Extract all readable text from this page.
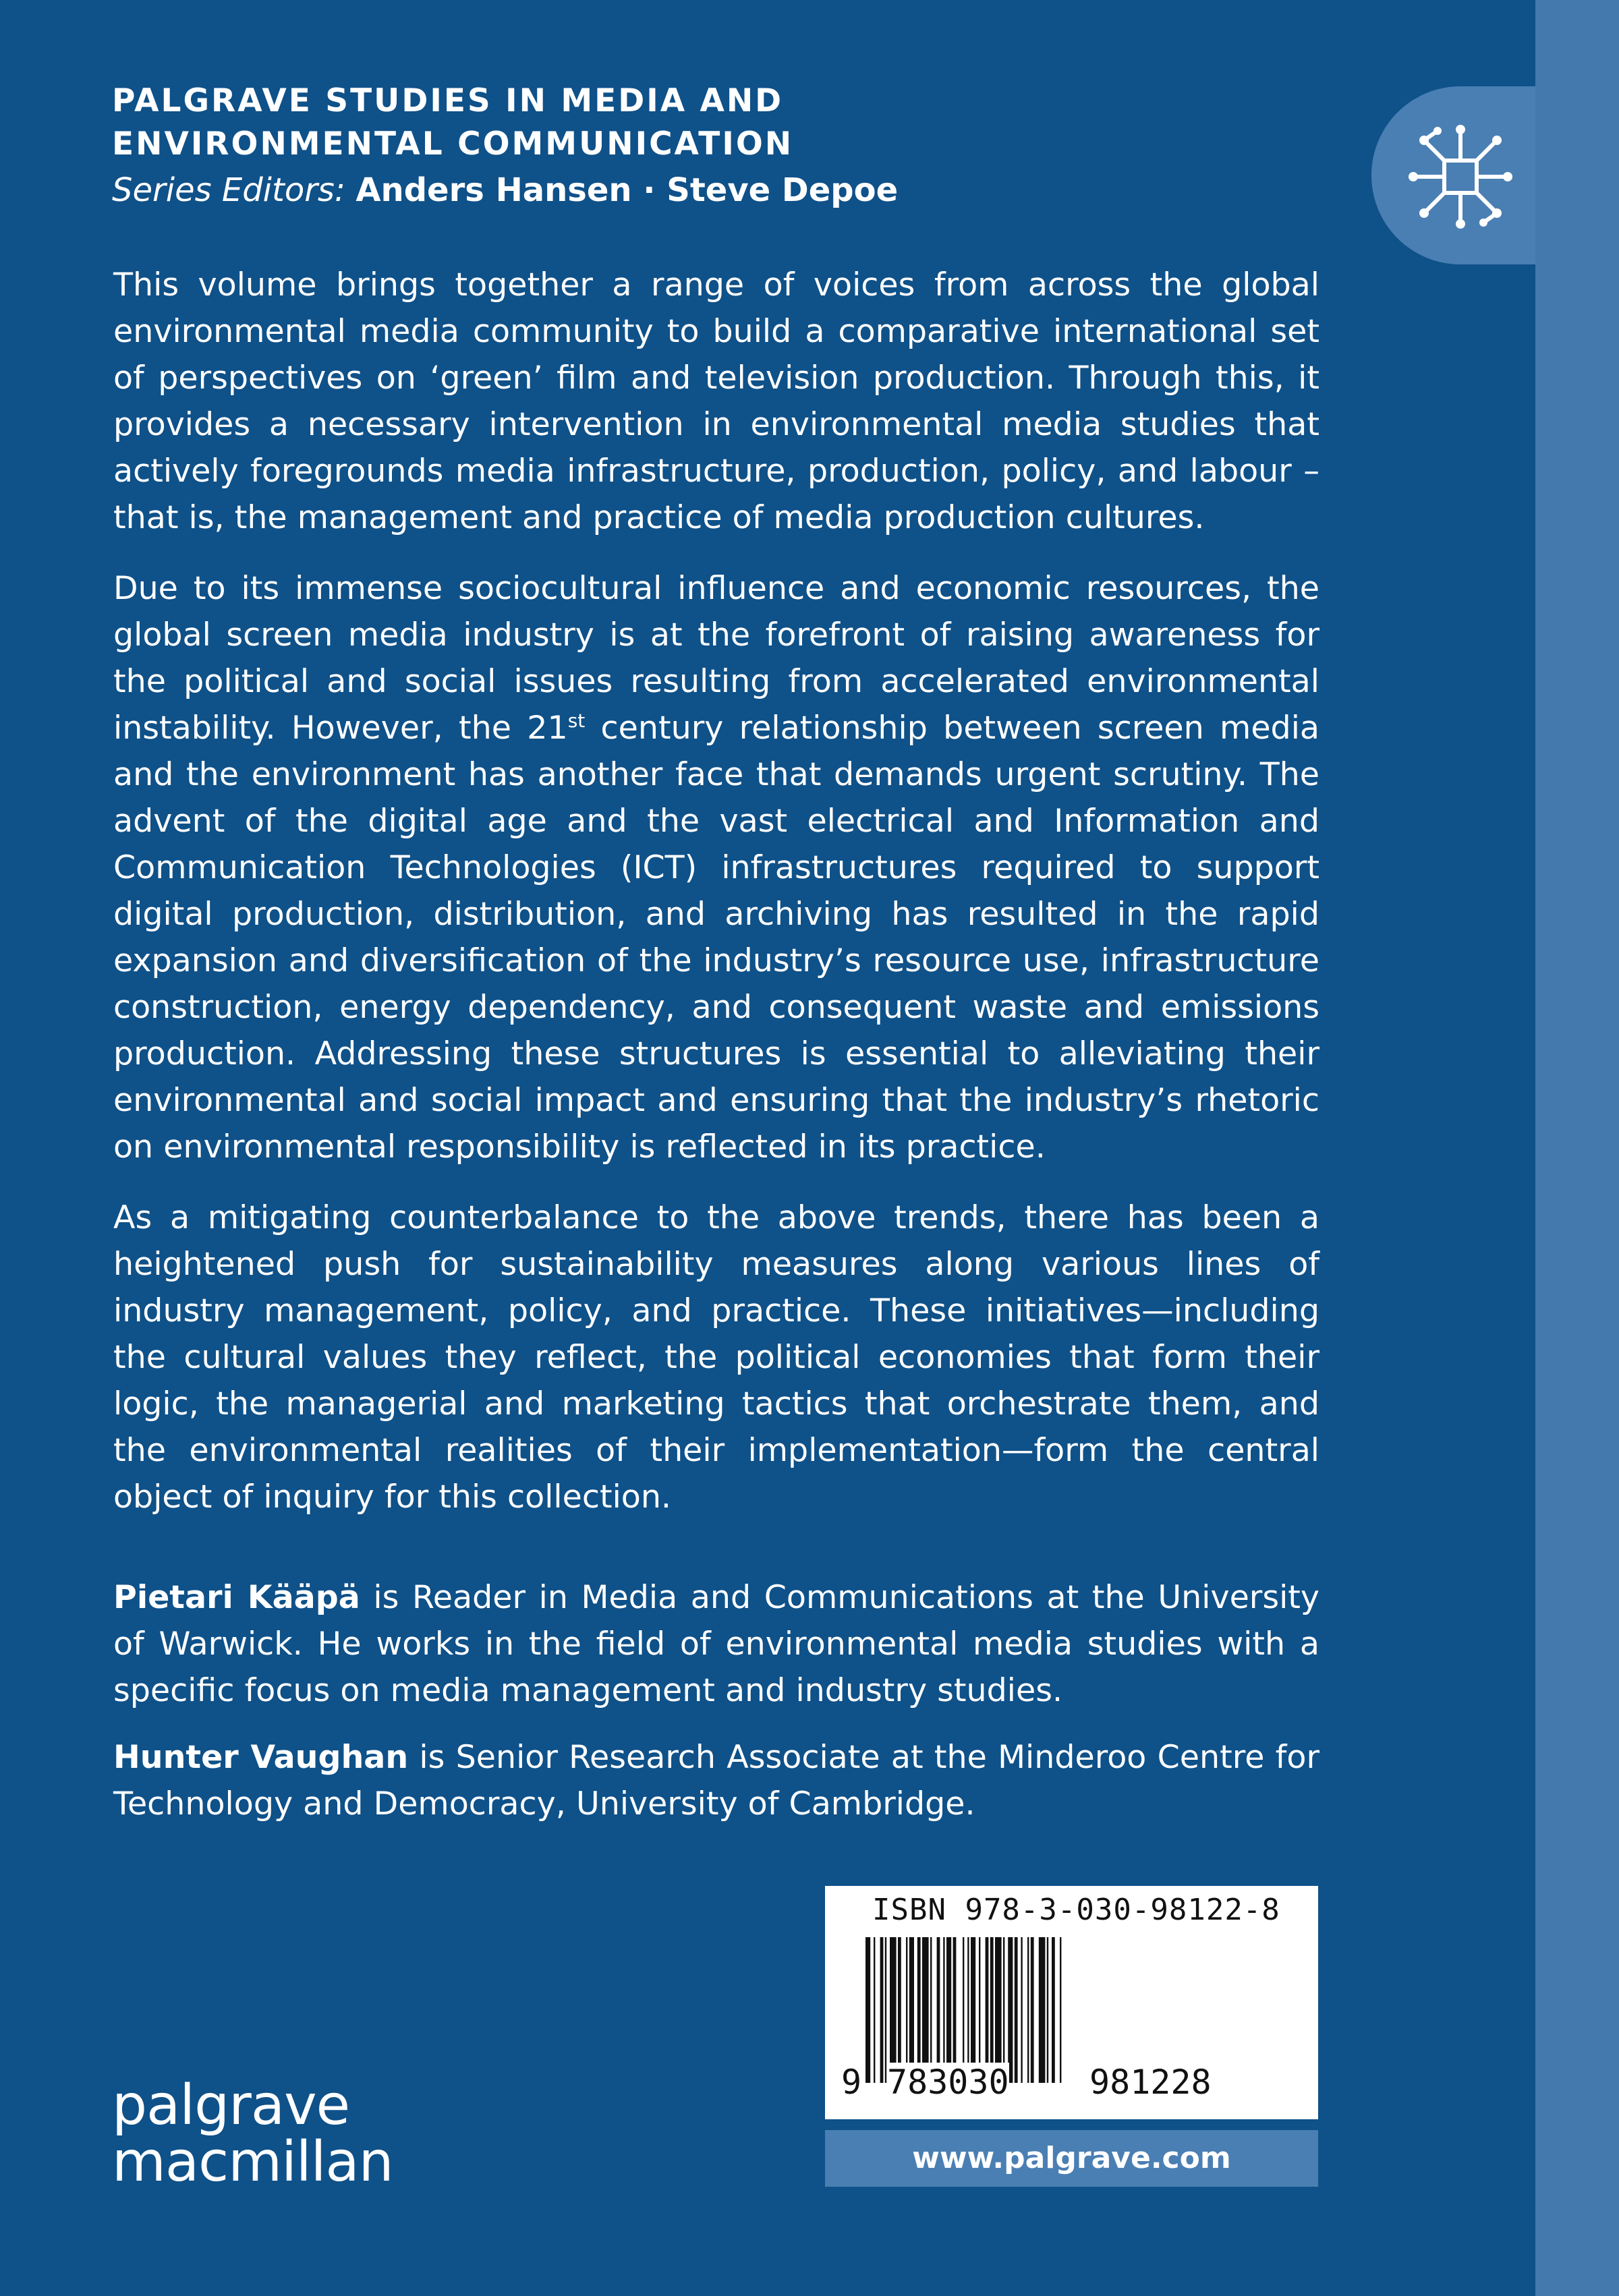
PALGRAVE STUDIES IN MEDIA AND
ENVIRONMENTAL COMMUNICATION
Series Editors: Anders Hansen · Steve Depoe

This volume brings together a range of voices from across the global environmental media community to build a comparative international set of perspectives on ‘green’ film and television production. Through this, it provides a necessary intervention in environmental media studies that actively foregrounds media infrastructure, production, policy, and labour – that is, the management and practice of media production cultures.

Due to its immense sociocultural influence and economic resources, the global screen media industry is at the forefront of raising awareness for the political and social issues resulting from accelerated environmental instability. However, the 21st century relationship between screen media and the environment has another face that demands urgent scrutiny. The advent of the digital age and the vast electrical and Information and Communication Technologies (ICT) infrastructures required to support digital production, distribution, and archiving has resulted in the rapid expansion and diversification of the industry’s resource use, infrastructure construction, energy dependency, and consequent waste and emissions production. Addressing these structures is essential to alleviating their environmental and social impact and ensuring that the industry’s rhetoric on environmental responsibility is reflected in its practice.

As a mitigating counterbalance to the above trends, there has been a heightened push for sustainability measures along various lines of industry management, policy, and practice. These initiatives—including the cultural values they reflect, the political economies that form their logic, the managerial and marketing tactics that orchestrate them, and the environmental realities of their implementation—form the central object of inquiry for this collection.

Pietari Kääpä is Reader in Media and Communications at the University of Warwick. He works in the field of environmental media studies with a specific focus on media management and industry studies.

Hunter Vaughan is Senior Research Associate at the Minderoo Centre for Technology and Democracy, University of Cambridge.

ISBN 978-3-030-98122-8
9 783030 981228
www.palgrave.com
palgrave
macmillan
